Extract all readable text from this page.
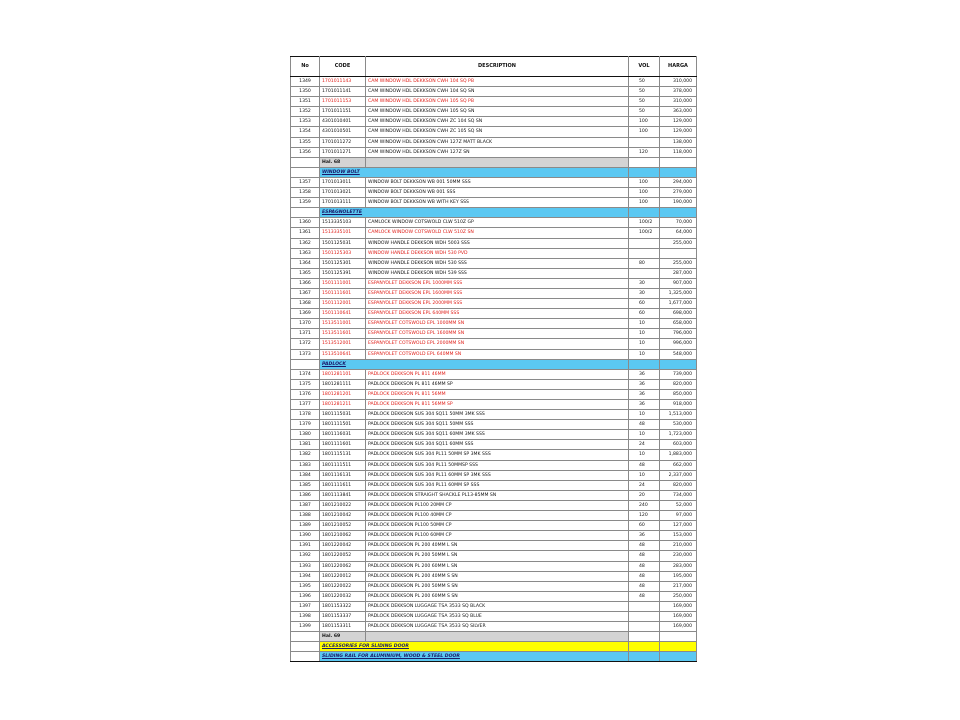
No	CODE	DESCRIPTION	VOL	HARGA
1349	1701011143	CAM WINDOW HDL DEKKSON CWH 104 SQ PB	50	310,000
1350	1701011141	CAM WINDOW HDL DEKKSON CWH 104 SQ SN	50	378,000
1351	1701011153	CAM WINDOW HDL DEKKSON CWH 105 SQ PB	50	310,000
1352	1701011151	CAM WINDOW HDL DEKKSON CWH 105 SQ SN	50	363,000
1353	4301010401	CAM WINDOW HDL DEKKSON CWH ZC 104 SQ SN	100	129,000
1354	4301010501	CAM WINDOW HDL DEKKSON CWH ZC 105 SQ SN	100	129,000
1355	1701011272	CAM WINDOW HDL DEKKSON CWH 127Z MATT BLACK		138,000
1356	1701011271	CAM WINDOW HDL DEKKSON CWH 127Z SN	120	118,000
	Hal. 68			
	WINDOW BOLT			
1357	1701013011	WINDOW BOLT DEKKSON WB 001 50MM SSS	100	294,000
1358	1701013021	WINDOW BOLT DEKKSON WB 001 SSS	100	279,000
1359	1701013111	WINDOW BOLT DEKKSON WB WITH KEY SSS	100	190,000
	ESPAGNOLETTE			
1360	1513335103	CAMLOCK WINDOW COTSWOLD CLW 510Z GP	100/2	70,000
1361	1513335101	CAMLOCK WINDOW COTSWOLD CLW 510Z SN	100/2	64,000
1362	1501125031	WINDOW HANDLE DEKKSON WDH 5003 SSS		255,000
1363	1501125303	WINDOW HANDLE DEKKSON WDH 530 PVD		
1364	1501125301	WINDOW HANDLE DEKKSON WDH 530 SSS	80	255,000
1365	1501125391	WINDOW HANDLE DEKKSON WDH 539 SSS		287,000
1366	1501111001	ESPANYOLET DEKKSON EPL 1000MM SSS	30	907,000
1367	1501111601	ESPANYOLET DEKKSON EPL 1600MM SSS	30	1,325,000
1368	1501112001	ESPANYOLET DEKKSON EPL 2000MM SSS	60	1,677,000
1369	1501110641	ESPANYOLET DEKKSON EPL 640MM SSS	60	698,000
1370	1513511001	ESPANYOLET COTSWOLD EPL 1000MM SN	10	658,000
1371	1513511601	ESPANYOLET COTSWOLD EPL 1600MM SN	10	796,000
1372	1513512001	ESPANYOLET COTSWOLD EPL 2000MM SN	10	996,000
1373	1513510641	ESPANYOLET COTSWOLD EPL 640MM SN	10	548,000
	PADLOCK			
1374	1801281101	PADLOCK DEKKSON PL 811 46MM	36	739,000
1375	1801281111	PADLOCK DEKKSON PL 811 46MM SP	36	820,000
1376	1801281201	PADLOCK DEKKSON PL 811 56MM	36	850,000
1377	1801281211	PADLOCK DEKKSON PL 811 56MM SP	36	918,000
1378	1801115031	PADLOCK DEKKSON SUS 304 SQ11 50MM 3MK SSS	10	1,513,000
1379	1801111501	PADLOCK DEKKSON SUS 304 SQ11 50MM SSS	48	530,000
1380	1801116031	PADLOCK DEKKSON SUS 304 SQ11 60MM 3MK SSS	10	1,723,000
1381	1801111601	PADLOCK DEKKSON SUS 304 SQ11 60MM SSS	24	603,000
1382	1801115131	PADLOCK DEKKSON SUS 304 PL11 50MM SP 3MK SSS	10	1,883,000
1383	1801111511	PADLOCK DEKKSON SUS 304 PL11 50MMSP SSS	48	662,000
1384	1801116131	PADLOCK DEKKSON SUS 304 PL11 60MM SP 3MK SSS	10	2,337,000
1385	1801111611	PADLOCK DEKKSON SUS 304 PL11 60MM SP SSS	24	820,000
1386	1801113841	PADLOCK DEKKSON STRAIGHT SHACKLE PL13-85MM SN	20	734,000
1387	1801210022	PADLOCK DEKKSON PL100 20MM CP	240	52,000
1388	1801210042	PADLOCK DEKKSON PL100 40MM CP	120	97,000
1389	1801210052	PADLOCK DEKKSON PL100 50MM CP	60	127,000
1390	1801210062	PADLOCK DEKKSON PL100 60MM CP	36	153,000
1391	1801220042	PADLOCK DEKKSON PL 200 40MM L SN	48	210,000
1392	1801220052	PADLOCK DEKKSON PL 200 50MM L SN	48	230,000
1393	1801220062	PADLOCK DEKKSON PL 200 60MM L SN	48	283,000
1394	1801220012	PADLOCK DEKKSON PL 200 40MM S SN	48	195,000
1395	1801220022	PADLOCK DEKKSON PL 200 50MM S SN	48	217,000
1396	1801220032	PADLOCK DEKKSON PL 200 60MM S SN	48	250,000
1397	1801153322	PADLOCK DEKKSON LUGGAGE TSA 3533 SQ BLACK		169,000
1398	1801153337	PADLOCK DEKKSON LUGGAGE TSA 3533 SQ BLUE		169,000
1399	1801153311	PADLOCK DEKKSON LUGGAGE TSA 3533 SQ SILVER		169,000
	Hal. 69			
	ACCESSORIES FOR SLIDING DOOR			
	SLIDING RAIL FOR ALUMINIUM, WOOD & STEEL DOOR			
